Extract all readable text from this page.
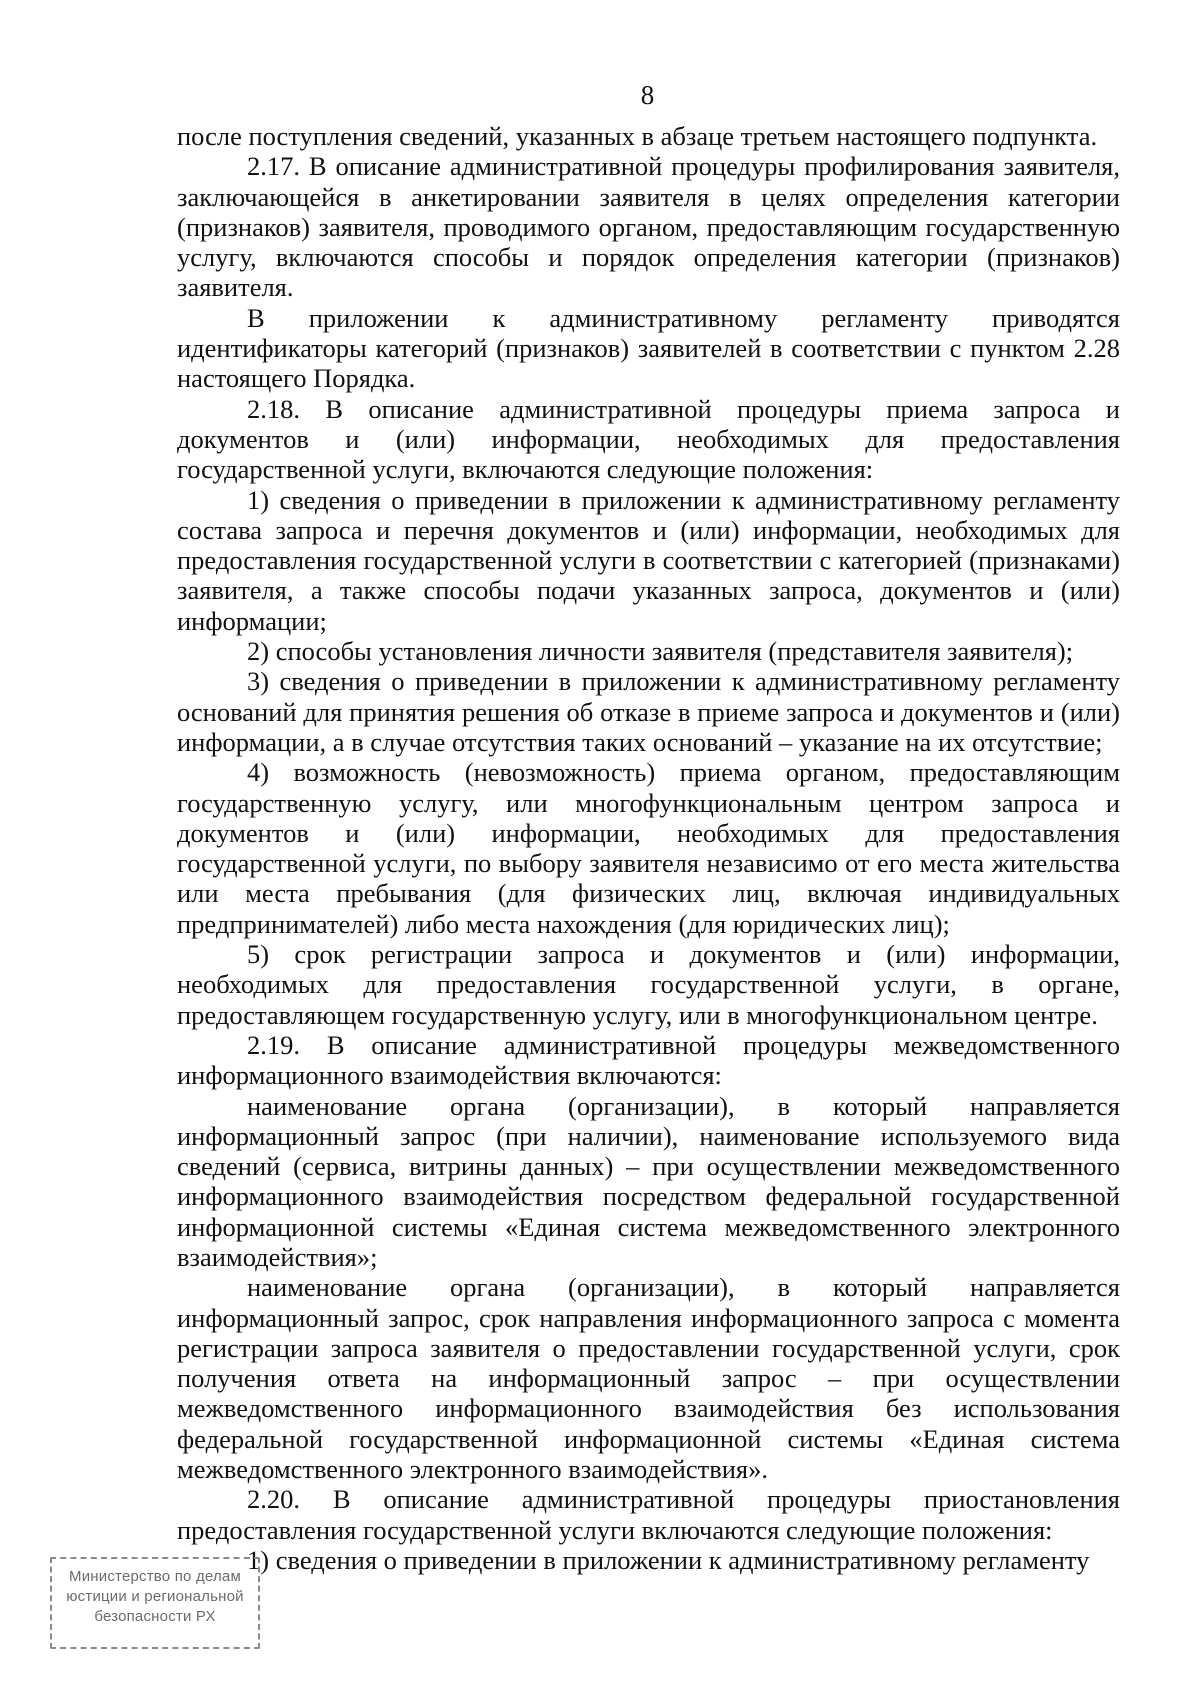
8

после поступления сведений, указанных в абзаце третьем настоящего подпункта.

2.17. В описание административной процедуры профилирования заявителя, заключающейся в анкетировании заявителя в целях определения категории (признаков) заявителя, проводимого органом, предоставляющим государственную услугу, включаются способы и порядок определения категории (признаков) заявителя.

В приложении к административному регламенту приводятся идентификаторы категорий (признаков) заявителей в соответствии с пунктом 2.28 настоящего Порядка.

2.18. В описание административной процедуры приема запроса и документов и (или) информации, необходимых для предоставления государственной услуги, включаются следующие положения:

1) сведения о приведении в приложении к административному регламенту состава запроса и перечня документов и (или) информации, необходимых для предоставления государственной услуги в соответствии с категорией (признаками) заявителя, а также способы подачи указанных запроса, документов и (или) информации;

2) способы установления личности заявителя (представителя заявителя);

3) сведения о приведении в приложении к административному регламенту оснований для принятия решения об отказе в приеме запроса и документов и (или) информации, а в случае отсутствия таких оснований – указание на их отсутствие;

4) возможность (невозможность) приема органом, предоставляющим государственную услугу, или многофункциональным центром запроса и документов и (или) информации, необходимых для предоставления государственной услуги, по выбору заявителя независимо от его места жительства или места пребывания (для физических лиц, включая индивидуальных предпринимателей) либо места нахождения (для юридических лиц);

5) срок регистрации запроса и документов и (или) информации, необходимых для предоставления государственной услуги, в органе, предоставляющем государственную услугу, или в многофункциональном центре.

2.19. В описание административной процедуры межведомственного информационного взаимодействия включаются:

наименование органа (организации), в который направляется информационный запрос (при наличии), наименование используемого вида сведений (сервиса, витрины данных) – при осуществлении межведомственного информационного взаимодействия посредством федеральной государственной информационной системы «Единая система межведомственного электронного взаимодействия»;

наименование органа (организации), в который направляется информационный запрос, срок направления информационного запроса с момента регистрации запроса заявителя о предоставлении государственной услуги, срок получения ответа на информационный запрос – при осуществлении межведомственного информационного взаимодействия без использования федеральной государственной информационной системы «Единая система межведомственного электронного взаимодействия».

2.20. В описание административной процедуры приостановления предоставления государственной услуги включаются следующие положения:

1) сведения о приведении в приложении к административному регламенту

Министерство по делам
юстиции и региональной
безопасности РХ
